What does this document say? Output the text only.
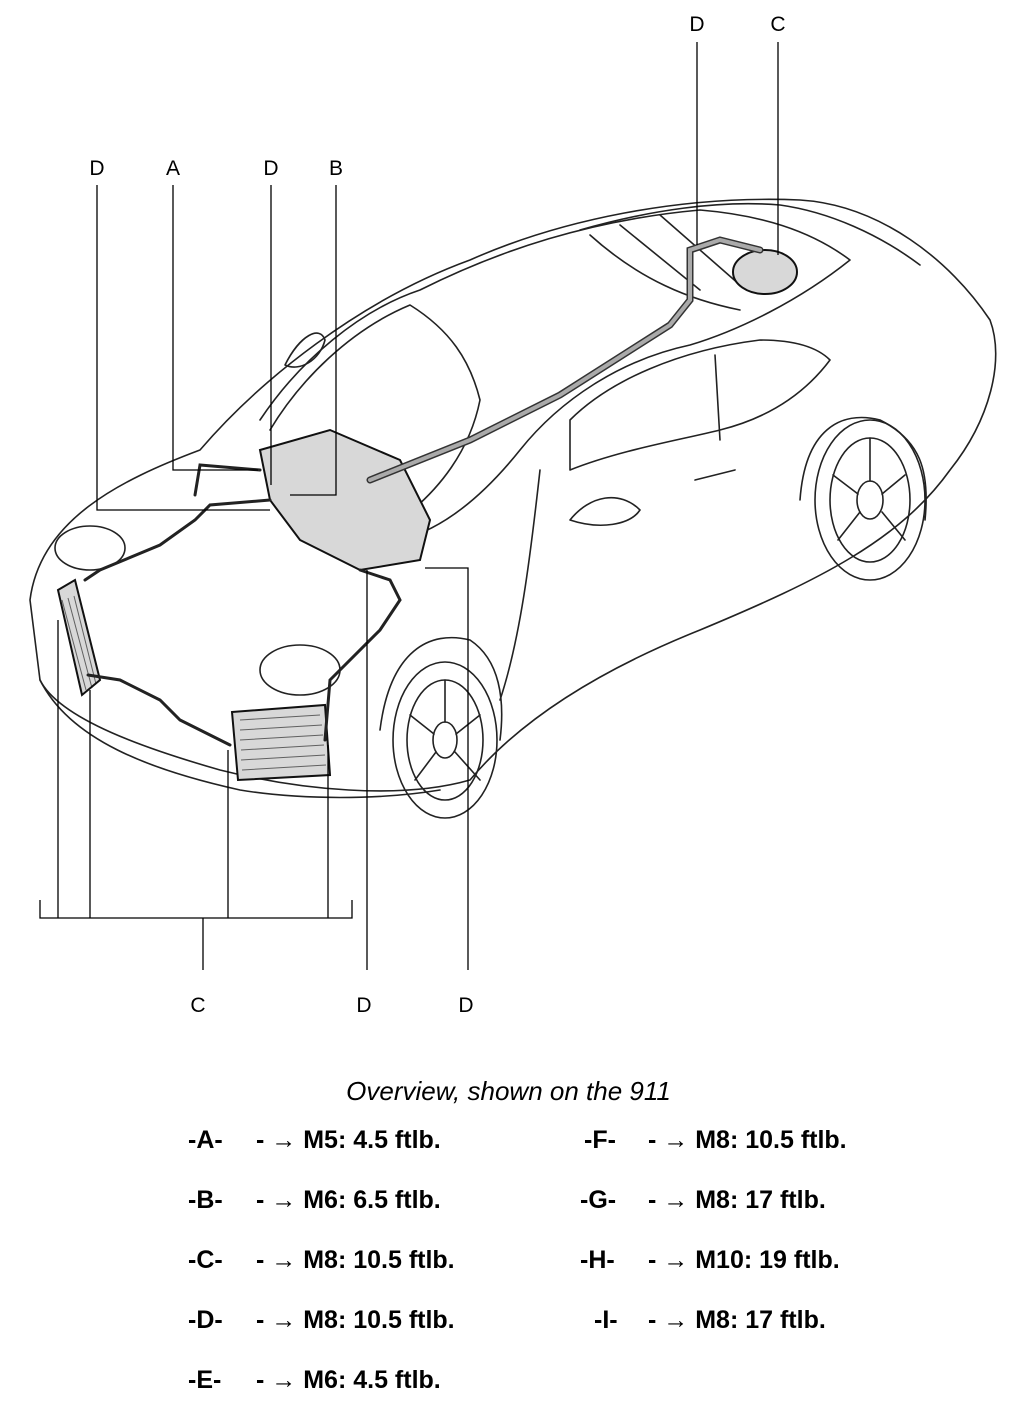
D	C
D	A	D B
C	D	D
Overview, shown on the 911
-A- - → M5: 4.5 ftlb.
-B- - → M6: 6.5 ftlb.
-C- - → M8: 10.5 ftlb.
-D- - → M8: 10.5 ftlb.
-E- - → M6: 4.5 ftlb.
-F- - → M8: 10.5 ftlb.
-G- - → M8: 17 ftlb.
-H- - → M10: 19 ftlb.
-I- - → M8: 17 ftlb.
